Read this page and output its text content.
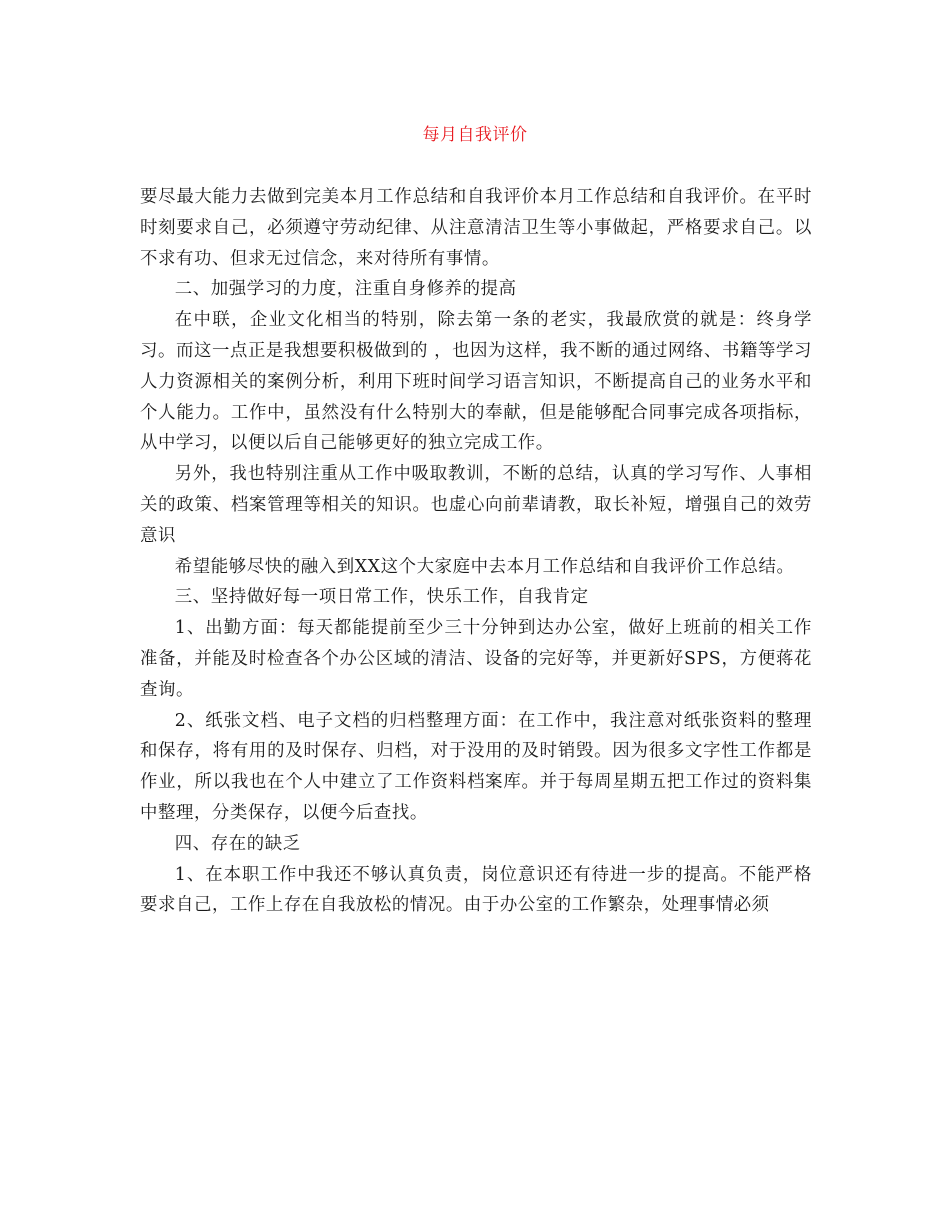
每月自我评价

要尽最大能力去做到完美本月工作总结和自我评价本月工作总结和自我评价。在平时时刻要求自己，必须遵守劳动纪律、从注意清洁卫生等小事做起，严格要求自己。以不求有功、但求无过信念，来对待所有事情。

二、加强学习的力度，注重自身修养的提高

在中联，企业文化相当的特别，除去第一条的老实，我最欣赏的就是：终身学习。而这一点正是我想要积极做到的 ，也因为这样，我不断的通过网络、书籍等学习人力资源相关的案例分析，利用下班时间学习语言知识，不断提高自己的业务水平和个人能力。工作中，虽然没有什么特别大的奉献，但是能够配合同事完成各项指标，从中学习，以便以后自己能够更好的独立完成工作。

另外，我也特别注重从工作中吸取教训，不断的总结，认真的学习写作、人事相关的政策、档案管理等相关的知识。也虚心向前辈请教，取长补短，增强自己的效劳意识

希望能够尽快的融入到XX这个大家庭中去本月工作总结和自我评价工作总结。

三、坚持做好每一项日常工作，快乐工作，自我肯定

1、出勤方面：每天都能提前至少三十分钟到达办公室，做好上班前的相关工作准备，并能及时检查各个办公区域的清洁、设备的完好等，并更新好SPS，方便蒋花查询。

2、纸张文档、电子文档的归档整理方面：在工作中，我注意对纸张资料的整理和保存，将有用的及时保存、归档，对于没用的及时销毁。因为很多文字性工作都是作业，所以我也在个人中建立了工作资料档案库。并于每周星期五把工作过的资料集中整理，分类保存，以便今后查找。

四、存在的缺乏

1、在本职工作中我还不够认真负责，岗位意识还有待进一步的提高。不能严格要求自己，工作上存在自我放松的情况。由于办公室的工作繁杂，处理事情必须
